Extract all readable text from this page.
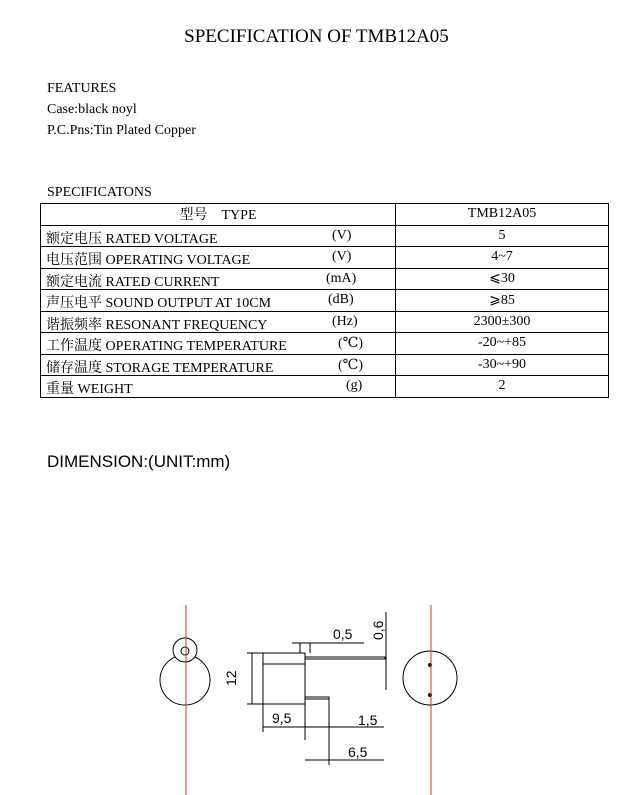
SPECIFICATION OF TMB12A05
FEATURES
Case:black noyl
P.C.Pns:Tin Plated Copper
SPECIFICATONS
型号    TYPE	TMB12A05

额定电压 RATED VOLTAGE (V)	5

电压范围 OPERATING VOLTAGE (V)	4~7

额定电流 RATED CURRENT (mA)	⩽30

声压电平 SOUND OUTPUT AT 10CM (dB)	⩾85

谐振频率 RESONANT FREQUENCY (Hz)	2300±300

工作温度 OPERATING TEMPERATURE (℃)	-20~+85

储存温度 STORAGE TEMPERATURE (℃)	-30~+90

重量 WEIGHT (g)	2
DIMENSION:(UNIT:mm)
12
0,5 0,6
9,5	1,5
6,5
